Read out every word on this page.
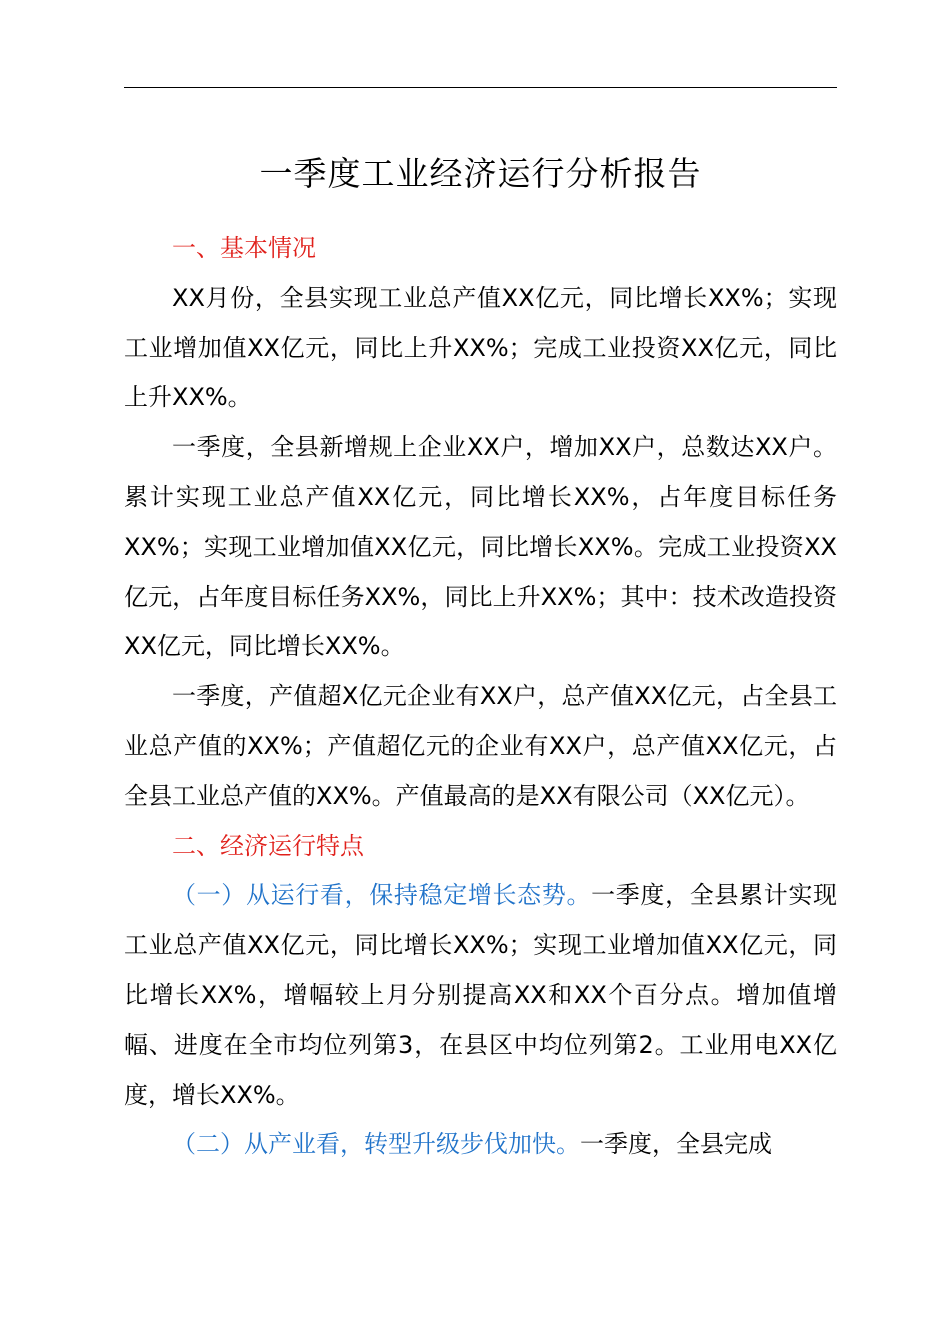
一季度工业经济运行分析报告

一、基本情况

XX月份，全县实现工业总产值XX亿元，同比增长XX%；实现工业增加值XX亿元，同比上升XX%；完成工业投资XX亿元，同比上升XX%。

一季度，全县新增规上企业XX户，增加XX户，总数达XX户。累计实现工业总产值XX亿元，同比增长XX%，占年度目标任务XX%；实现工业增加值XX亿元，同比增长XX%。完成工业投资XX亿元，占年度目标任务XX%，同比上升XX%；其中：技术改造投资XX亿元，同比增长XX%。

一季度，产值超X亿元企业有XX户，总产值XX亿元，占全县工业总产值的XX%；产值超亿元的企业有XX户，总产值XX亿元，占全县工业总产值的XX%。产值最高的是XX有限公司（XX亿元）。

二、经济运行特点

（一）从运行看，保持稳定增长态势。一季度，全县累计实现工业总产值XX亿元，同比增长XX%；实现工业增加值XX亿元，同比增长XX%，增幅较上月分别提高XX和XX个百分点。增加值增幅、进度在全市均位列第3，在县区中均位列第2。工业用电XX亿度，增长XX%。

（二）从产业看，转型升级步伐加快。一季度，全县完成
